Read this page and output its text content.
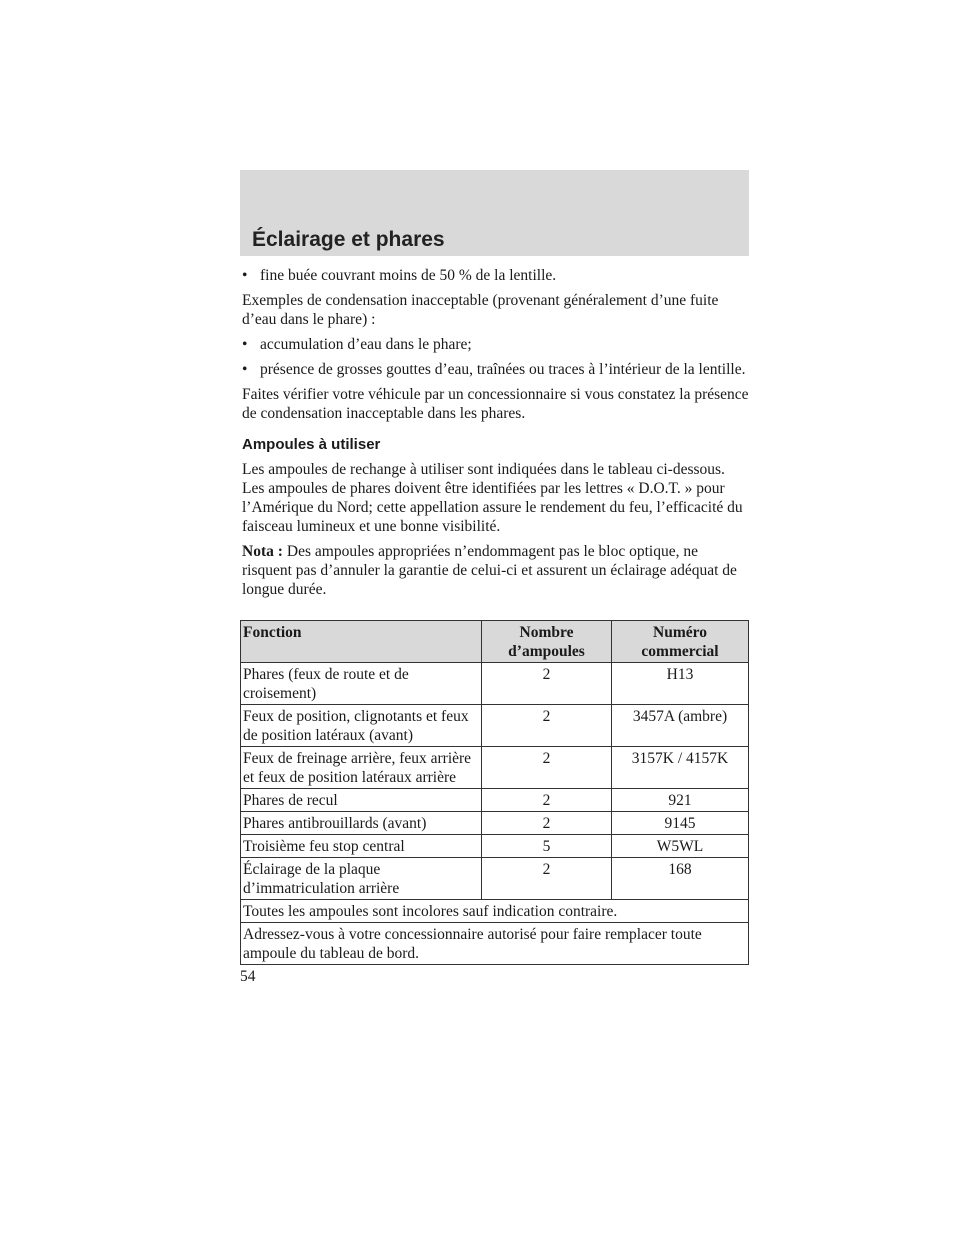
Éclairage et phares
• fine buée couvrant moins de 50 % de la lentille.

Exemples de condensation inacceptable (provenant généralement d’une fuite d’eau dans le phare) :

• accumulation d’eau dans le phare;
• présence de grosses gouttes d’eau, traînées ou traces à l’intérieur de la lentille.

Faites vérifier votre véhicule par un concessionnaire si vous constatez la présence de condensation inacceptable dans les phares.

Ampoules à utiliser

Les ampoules de rechange à utiliser sont indiquées dans le tableau ci-dessous. Les ampoules de phares doivent être identifiées par les lettres « D.O.T. » pour l’Amérique du Nord; cette appellation assure le rendement du feu, l’efficacité du faisceau lumineux et une bonne visibilité.

Nota : Des ampoules appropriées n’endommagent pas le bloc optique, ne risquent pas d’annuler la garantie de celui-ci et assurent un éclairage adéquat de longue durée.

Fonction	Nombre d’ampoules	Numéro commercial
Phares (feux de route et de croisement)	2	H13
Feux de position, clignotants et feux de position latéraux (avant)	2	3457A (ambre)
Feux de freinage arrière, feux arrière et feux de position latéraux arrière	2	3157K / 4157K
Phares de recul	2	921
Phares antibrouillards (avant)	2	9145
Troisième feu stop central	5	W5WL
Éclairage de la plaque d’immatriculation arrière	2	168
Toutes les ampoules sont incolores sauf indication contraire.		
Adressez-vous à votre concessionnaire autorisé pour faire remplacer toute ampoule du tableau de bord.		
54
